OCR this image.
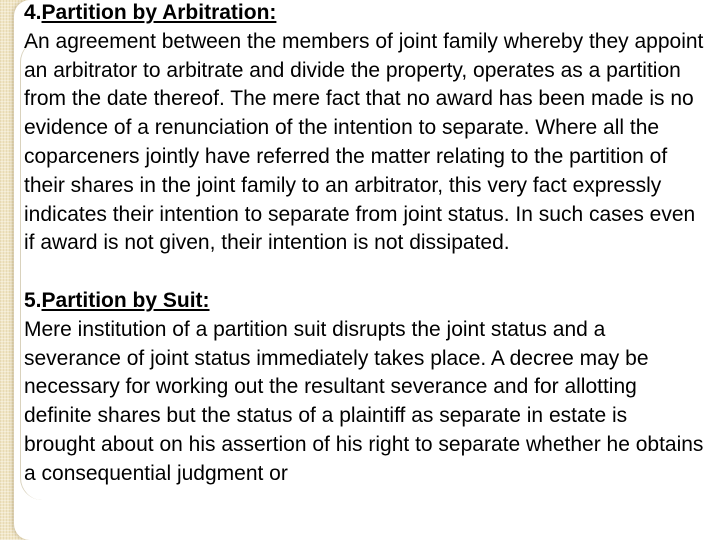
4.Partition by Arbitration:

An agreement between the members of joint family whereby they appoint an arbitrator to arbitrate and divide the property, operates as a partition from the date thereof. The mere fact that no award has been made is no evidence of a renunciation of the intention to separate. Where all the coparceners jointly have referred the matter relating to the partition of their shares in the joint family to an arbitrator, this very fact expressly indicates their intention to separate from joint status. In such cases even if award is not given, their intention is not dissipated.

5.Partition by Suit:

Mere institution of a partition suit disrupts the joint status and a severance of joint status immediately takes place. A decree may be necessary for working out the resultant severance and for allotting definite shares but the status of a plaintiff as separate in estate is brought about on his assertion of his right to separate whether he obtains a consequential judgment or
